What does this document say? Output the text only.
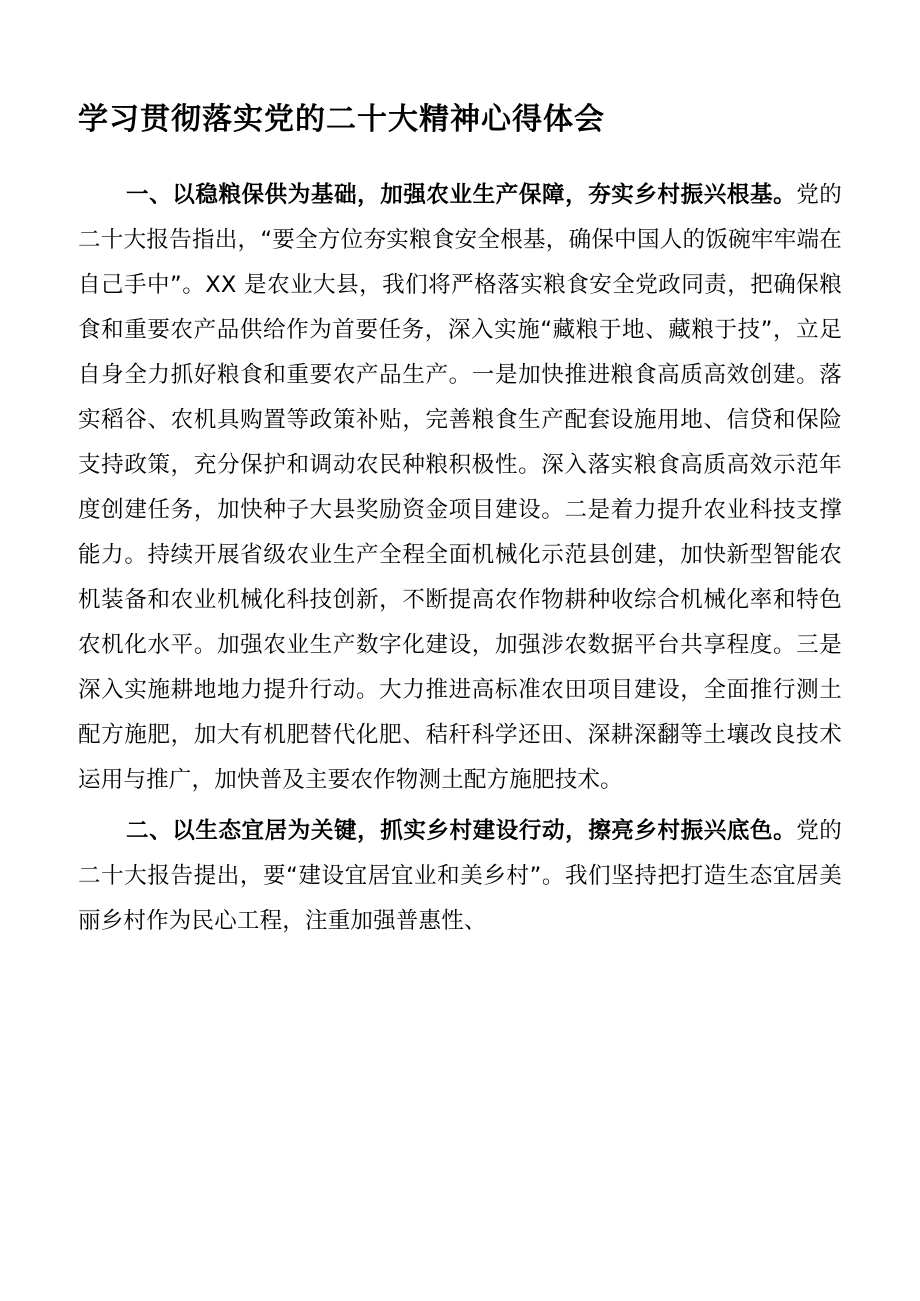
学习贯彻落实党的二十大精神心得体会

一、以稳粮保供为基础，加强农业生产保障，夯实乡村振兴根基。党的二十大报告指出，“要全方位夯实粮食安全根基，确保中国人的饭碗牢牢端在自己手中”。XX 是农业大县，我们将严格落实粮食安全党政同责，把确保粮食和重要农产品供给作为首要任务，深入实施“藏粮于地、藏粮于技”，立足自身全力抓好粮食和重要农产品生产。一是加快推进粮食高质高效创建。落实稻谷、农机具购置等政策补贴，完善粮食生产配套设施用地、信贷和保险支持政策，充分保护和调动农民种粮积极性。深入落实粮食高质高效示范年度创建任务，加快种子大县奖励资金项目建设。二是着力提升农业科技支撑能力。持续开展省级农业生产全程全面机械化示范县创建，加快新型智能农机装备和农业机械化科技创新，不断提高农作物耕种收综合机械化率和特色农机化水平。加强农业生产数字化建设，加强涉农数据平台共享程度。三是深入实施耕地地力提升行动。大力推进高标准农田项目建设，全面推行测土配方施肥，加大有机肥替代化肥、秸秆科学还田、深耕深翻等土壤改良技术运用与推广，加快普及主要农作物测土配方施肥技术。

二、以生态宜居为关键，抓实乡村建设行动，擦亮乡村振兴底色。党的二十大报告提出，要“建设宜居宜业和美乡村”。我们坚持把打造生态宜居美丽乡村作为民心工程，注重加强普惠性、
